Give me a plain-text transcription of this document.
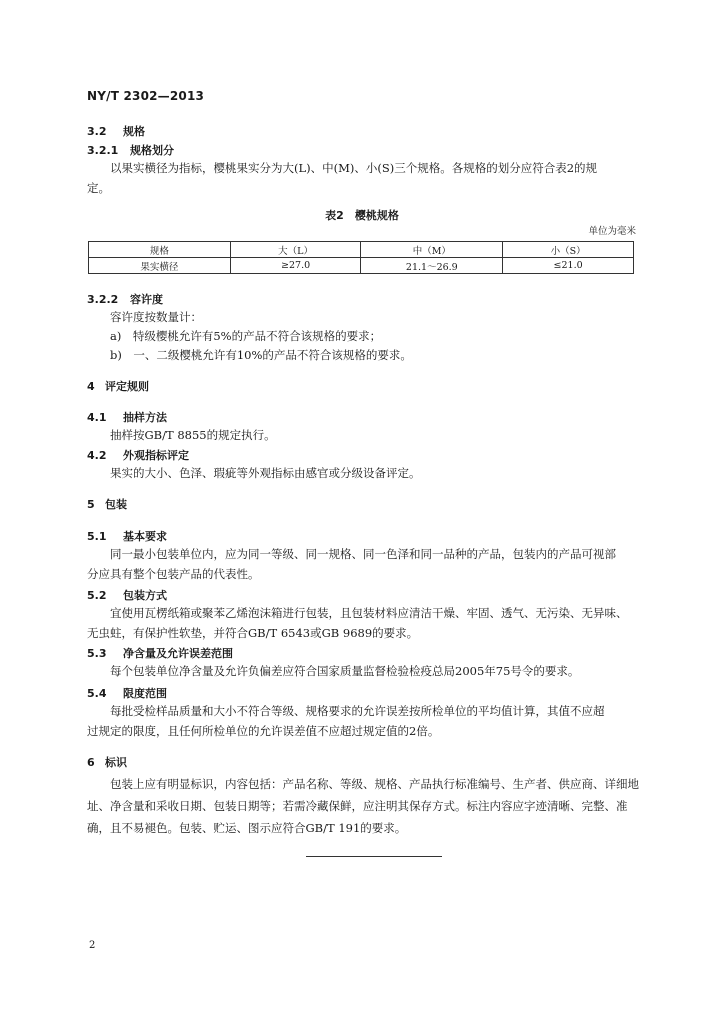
NY/T 2302—2013
3.2 规格
3.2.1 规格划分
以果实横径为指标，樱桃果实分为大(L)、中(M)、小(S)三个规格。各规格的划分应符合表2的规
定。
表2　樱桃规格
单位为毫米
规格	大（L）	中（M）	小（S）
果实横径	≥27.0	21.1～26.9	≤21.0
3.2.2 容许度
容许度按数量计：
a)　特级樱桃允许有5%的产品不符合该规格的要求；
b)　一、二级樱桃允许有10%的产品不符合该规格的要求。
4 评定规则
4.1 抽样方法
抽样按GB/T 8855的规定执行。
4.2 外观指标评定
果实的大小、色泽、瑕疵等外观指标由感官或分级设备评定。
5 包装
5.1 基本要求
同一最小包装单位内，应为同一等级、同一规格、同一色泽和同一品种的产品，包装内的产品可视部
分应具有整个包装产品的代表性。
5.2 包装方式
宜使用瓦楞纸箱或聚苯乙烯泡沫箱进行包装，且包装材料应清洁干燥、牢固、透气、无污染、无异味、
无虫蛀，有保护性软垫，并符合GB/T 6543或GB 9689的要求。
5.3 净含量及允许误差范围
每个包装单位净含量及允许负偏差应符合国家质量监督检验检疫总局2005年75号令的要求。
5.4 限度范围
每批受检样品质量和大小不符合等级、规格要求的允许误差按所检单位的平均值计算，其值不应超
过规定的限度，且任何所检单位的允许误差值不应超过规定值的2倍。
6 标识
包装上应有明显标识，内容包括：产品名称、等级、规格、产品执行标准编号、生产者、供应商、详细地
址、净含量和采收日期、包装日期等；若需冷藏保鲜，应注明其保存方式。标注内容应字迹清晰、完整、准
确，且不易褪色。包装、贮运、图示应符合GB/T 191的要求。
2
